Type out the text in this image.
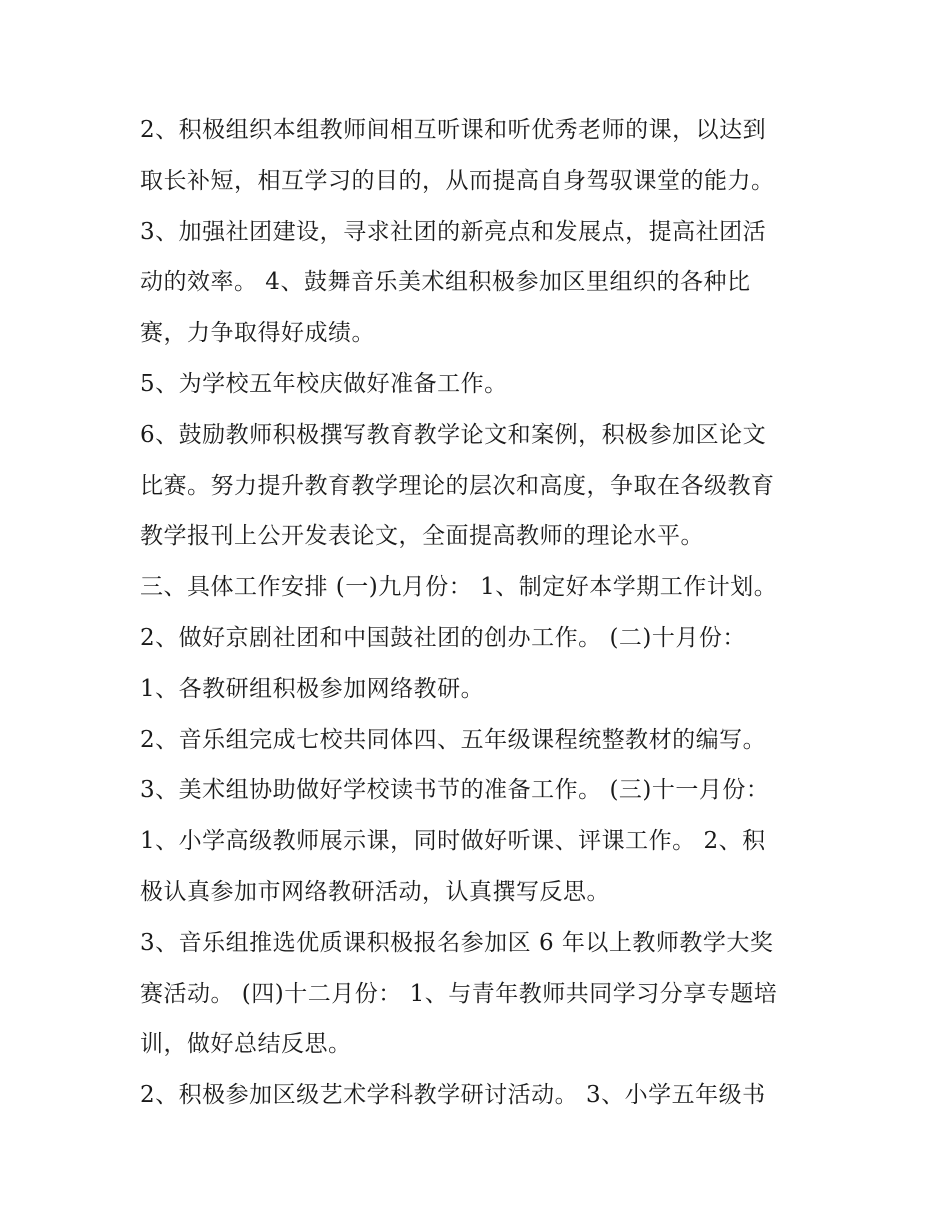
2、积极组织本组教师间相互听课和听优秀老师的课，以达到

取长补短，相互学习的目的，从而提高自身驾驭课堂的能力。

3、加强社团建设，寻求社团的新亮点和发展点，提高社团活

动的效率。 4、鼓舞音乐美术组积极参加区里组织的各种比

赛，力争取得好成绩。

5、为学校五年校庆做好准备工作。

6、鼓励教师积极撰写教育教学论文和案例，积极参加区论文

比赛。努力提升教育教学理论的层次和高度，争取在各级教育

教学报刊上公开发表论文，全面提高教师的理论水平。

三、具体工作安排 (一)九月份： 1、制定好本学期工作计划。

2、做好京剧社团和中国鼓社团的创办工作。 (二)十月份：

1、各教研组积极参加网络教研。

2、音乐组完成七校共同体四、五年级课程统整教材的编写。

3、美术组协助做好学校读书节的准备工作。 (三)十一月份：

1、小学高级教师展示课，同时做好听课、评课工作。 2、积

极认真参加市网络教研活动，认真撰写反思。

3、音乐组推选优质课积极报名参加区 6 年以上教师教学大奖

赛活动。 (四)十二月份： 1、与青年教师共同学习分享专题培

训，做好总结反思。

2、积极参加区级艺术学科教学研讨活动。 3、小学五年级书
